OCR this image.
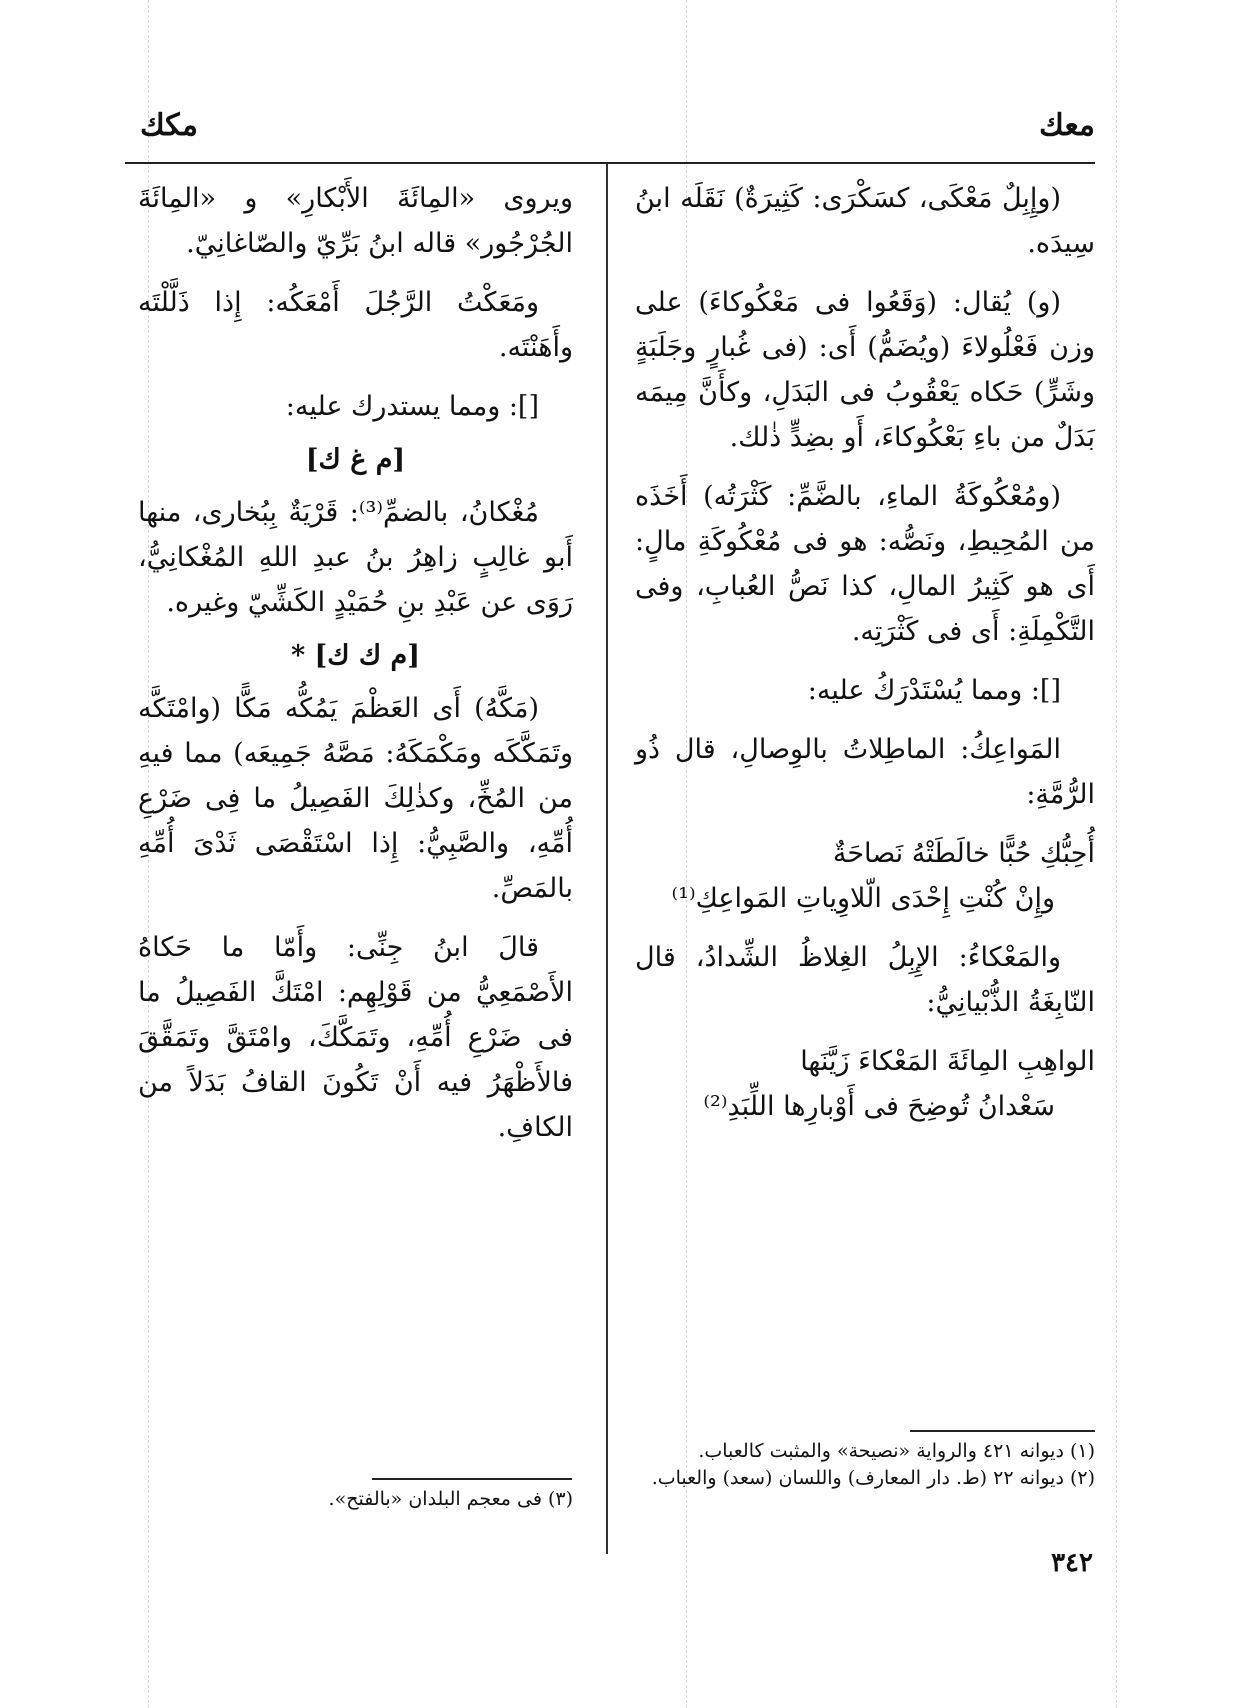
معك
مكك

(وإِبِلٌ مَعْكَى، كسَكْرَى: كَثِيرَةٌ) نَقَلَه ابنُ سِيدَه.

(و) يُقال: (وَقَعُوا فى مَعْكُوكاءَ) على وزن فَعْلُولاءَ (ويُضَمُّ) أَى: (فى غُبارٍ وجَلَبَةٍ وشَرٍّ) حَكاه يَعْقُوبُ فى البَدَلِ، وكأَنَّ مِيمَه بَدَلٌ من باءِ بَعْكُوكاءَ، أَو بضِدٍّ ذٰلك.

(ومُعْكُوكَةُ الماءِ، بالضَّمِّ: كَثْرَتُه) أَخَذَه من المُحِيطِ، ونَصُّه: هو فى مُعْكُوكَةِ مالٍ: أَى هو كَثِيرُ المالِ، كذا نَصُّ العُبابِ، وفى التَّكْمِلَةِ: أَى فى كَثْرَتِه.

[]: ومما يُسْتَدْرَكُ عليه:

المَواعِكُ: الماطِلاتُ بالوِصالِ، قال ذُو الرُّمَّةِ:

أُحِبُّكِ حُبًّا خالَطَتْهُ نَصاحَةٌ

وإِنْ كُنْتِ إِحْدَى الّلاوِياتِ المَواعِكِ⁽¹⁾

والمَعْكاءُ: الإِبِلُ الغِلاظُ الشِّدادُ، قال النّابِغَةُ الذُّبْيانِيُّ:

الواهِبِ المِائَةَ المَعْكاءَ زَيَّنَها

سَعْدانُ تُوضِحَ فى أَوْبارِها اللِّبَدِ⁽²⁾

ويروى «المِائَةَ الأَبْكارِ» و «المِائَةَ الجُرْجُور» قاله ابنُ بَرِّيّ والصّاغانِيّ.

ومَعَكْتُ الرَّجُلَ أَمْعَكُه: إِذا ذَلَّلْتَه وأَهَنْتَه.

[]: ومما يستدرك عليه:

[م غ ك]

مُغْكانُ، بالضمِّ⁽³⁾: قَرْيَةٌ بِبُخارى، منها أَبو غالِبٍ زاهِرُ بنُ عبدِ اللهِ المُغْكانِيُّ، رَوَى عن عَبْدِ بنِ حُمَيْدٍ الكَشِّيّ وغيره.

[م ك ك] *

(مَكَّهُ) أَى العَظْمَ يَمُكُّه مَكًّا (وامْتَكَّه وتَمَكَّكَه ومَكْمَكَهُ: مَصَّهُ جَمِيعَه) مما فيهِ من المُخِّ، وكذٰلِكَ الفَصِيلُ ما فِى ضَرْعِ أُمِّهِ، والصَّبِيُّ: إِذا اسْتَقْصَى ثَدْىَ أُمِّهِ بالمَصِّ.

قالَ ابنُ جِنِّى: وأَمّا ما حَكاهُ الأَصْمَعِيُّ من قَوْلِهِم: امْتَكَّ الفَصِيلُ ما فى ضَرْعِ أُمِّهِ، وتَمَكَّكَ، وامْتَقَّ وتَمَقَّقَ فالأَظْهَرُ فيه أَنْ تَكُونَ القافُ بَدَلاً من الكافِ.

(١) ديوانه ٤٢١ والرواية «نصيحة» والمثبت كالعباب.
(٢) ديوانه ٢٢ (ط. دار المعارف) واللسان (سعد) والعباب.
(٣) فى معجم البلدان «بالفتح».
٣٤٢
